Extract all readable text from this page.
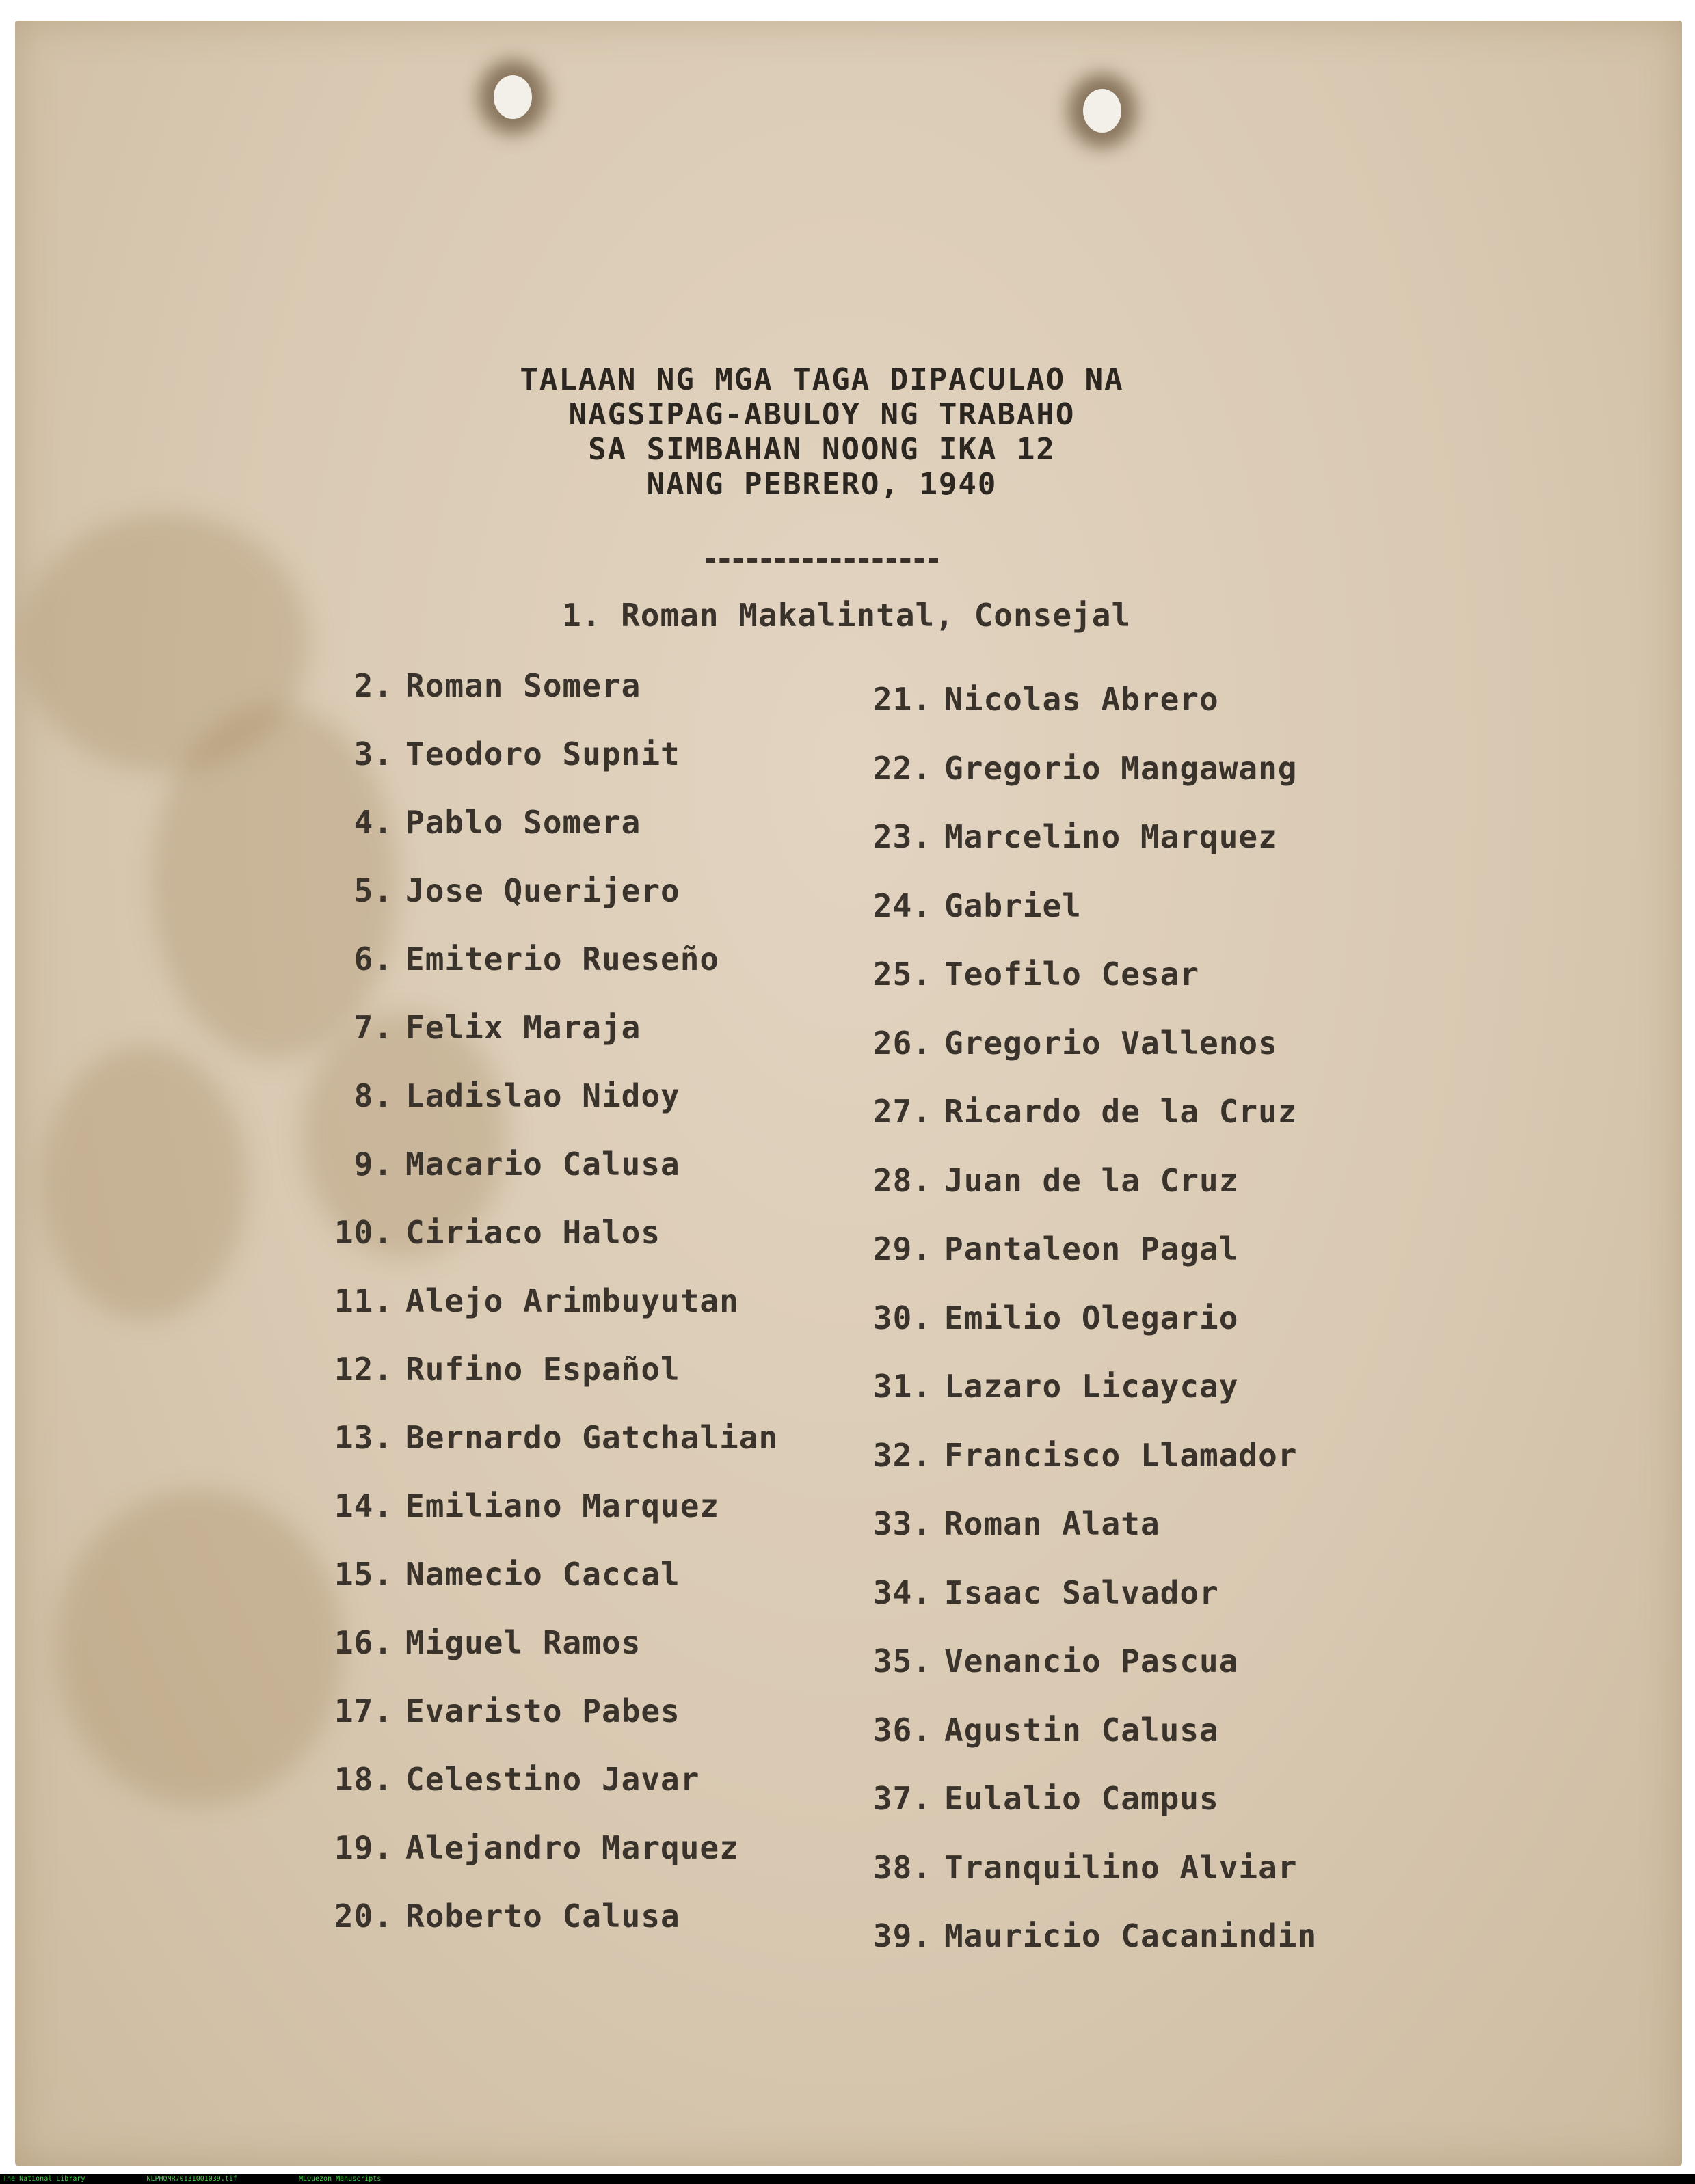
TALAAN NG MGA TAGA DIPACULAO NA
NAGSIPAG-ABULOY NG TRABAHO
SA SIMBAHAN NOONG IKA 12
NANG PEBRERO, 1940
1. Roman Makalintal, Consejal
2. Roman Somera
3. Teodoro Supnit
4. Pablo Somera
5. Jose Querijero
6. Emiterio Rueseño
7. Felix Maraja
8. Ladislao Nidoy
9. Macario Calusa
10. Ciriaco Halos
11. Alejo Arimbuyutan
12. Rufino Español
13. Bernardo Gatchalian
14. Emiliano Marquez
15. Namecio Caccal
16. Miguel Ramos
17. Evaristo Pabes
18. Celestino Javar
19. Alejandro Marquez
20. Roberto Calusa
21. Nicolas Abrero
22. Gregorio Mangawang
23. Marcelino Marquez
24. Gabriel
25. Teofilo Cesar
26. Gregorio Vallenos
27. Ricardo de la Cruz
28. Juan de la Cruz
29. Pantaleon Pagal
30. Emilio Olegario
31. Lazaro Licaycay
32. Francisco Llamador
33. Roman Alata
34. Isaac Salvador
35. Venancio Pascua
36. Agustin Calusa
37. Eulalio Campus
38. Tranquilino Alviar
39. Mauricio Cacanindin
The National Library	NLPHQMR70131001039.tif	MLQuezon Manuscripts
